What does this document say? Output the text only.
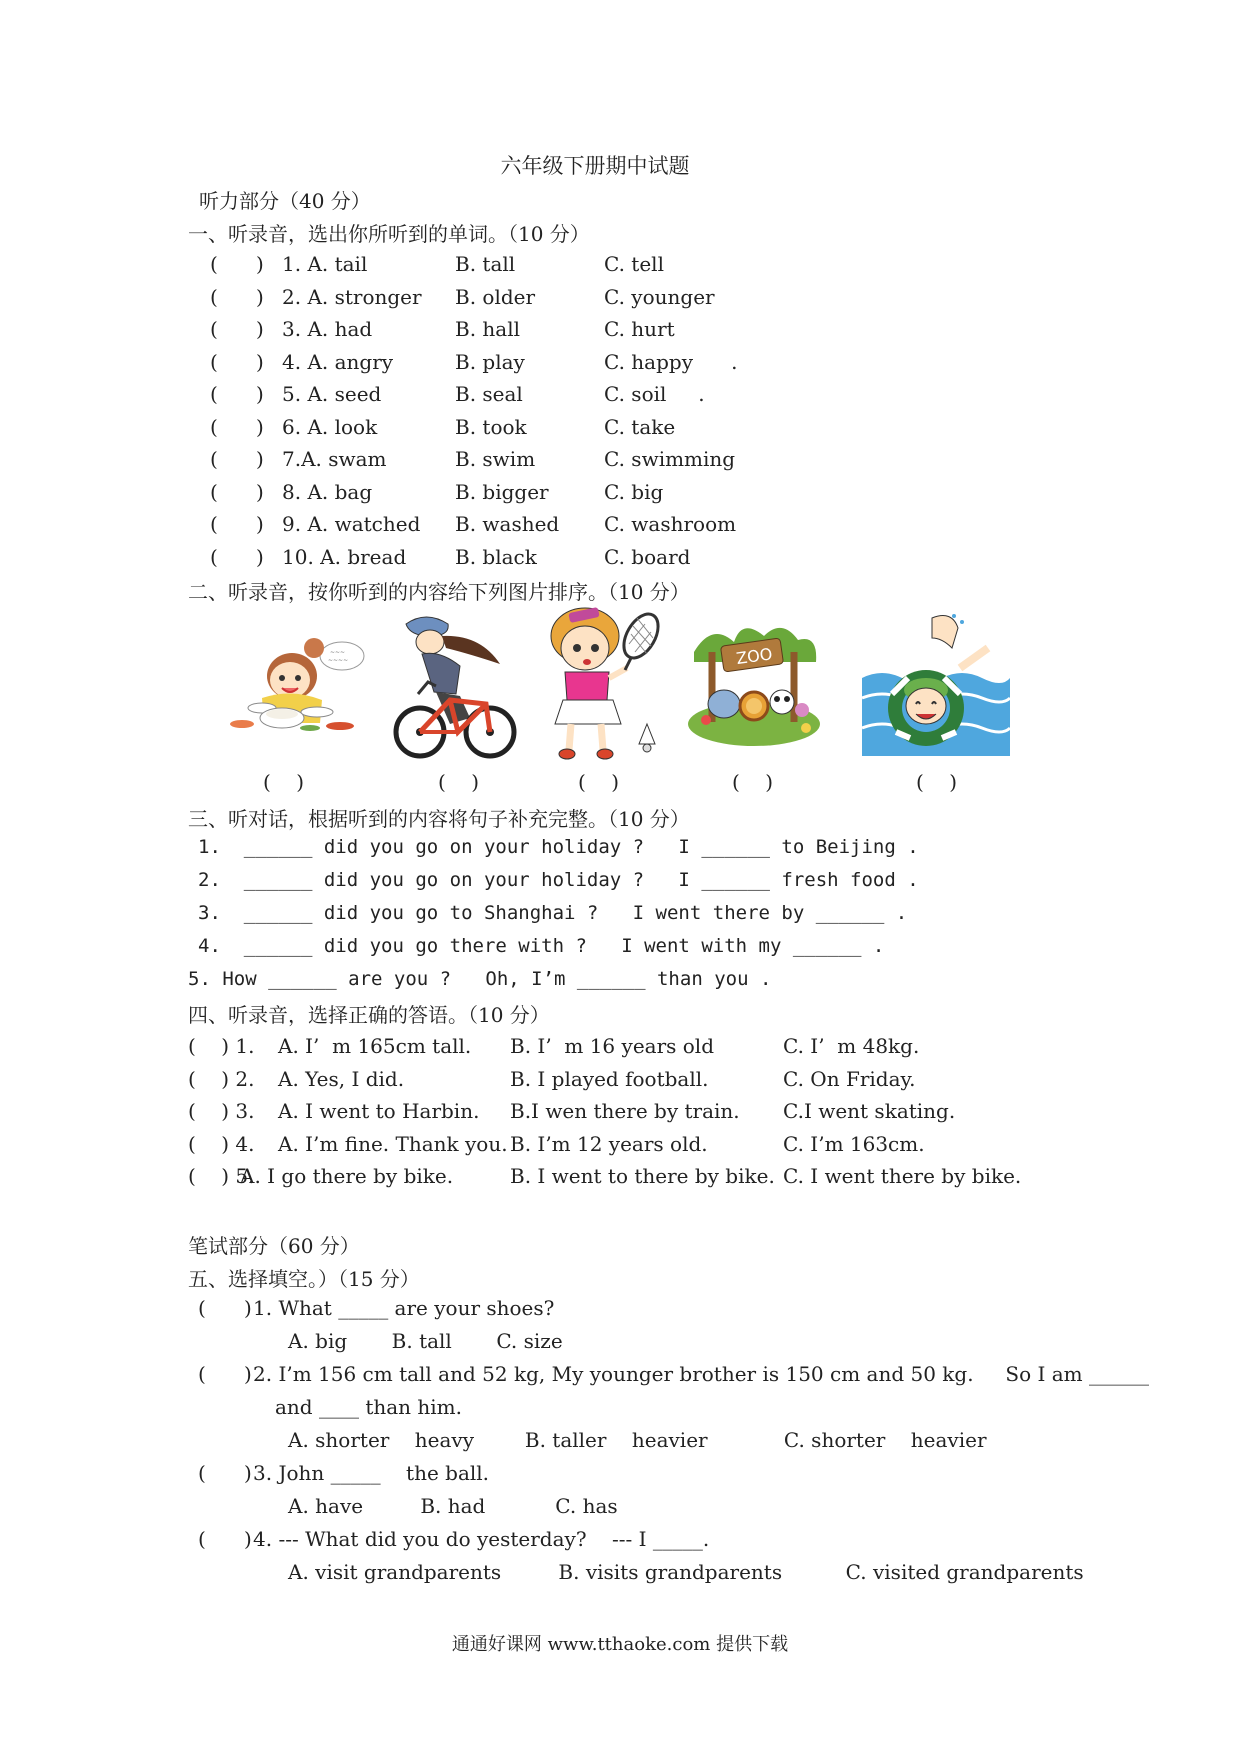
六年级下册期中试题
听力部分（40 分）
一、听录音，选出你所听到的单词。（10 分）
(      ) 1. A. tail	B. tall	C. tell
(      ) 2. A. stronger B. older	C. younger
(      ) 3. A. had	B. hall	C. hurt
(      ) 4. A. angry	B. play	C. happy      .
(      ) 5. A. seed	B. seal	C. soil     .
(      ) 6. A. look	B. took	C. take
(      ) 7.A. swam	B. swim	C. swimming
(      ) 8. A. bag	B. bigger	C. big
(      ) 9. A. watched B. washed C. washroom
(      ) 10. A. bread B. black	C. board
二、听录音，按你听到的内容给下列图片排序。（10 分）
~~~
~~~~	ZOO
(    )	(    )	(    )	(    )	(    )
三、听对话，根据听到的内容将句子补充完整。（10 分）
1.  ______ did you go on your holiday ?   I ______ to Beijing .
2.  ______ did you go on your holiday ?   I ______ fresh food .
3.  ______ did you go to Shanghai ?   I went there by ______ .
4.  ______ did you go there with ?   I went with my ______ .
5. How ______ are you ?   Oh, I’m ______ than you .
四、听录音，选择正确的答语。（10 分）
(    ) 1. A. I’  m 165cm tall. B. I’  m 16 years old	C. I’  m 48kg.
(    ) 2. A. Yes, I did.	B. I played football.	C. On Friday.
(    ) 3. A. I went to Harbin. B.I wen there by train. C.I went skating.
(    ) 4. A. I’m fine. Thank you. B. I’m 12 years old.	C. I’m 163cm.
(    ) 5.
A. I go there by bike.	B. I went to there by bike. C. I went there by bike.
笔试部分（60 分）
五、选择填空。）（15 分）
(      ) 1. What _____ are your shoes?
A. big       B. tall       C. size
(      ) 2. I’m 156 cm tall and 52 kg, My younger brother is 150 cm and 50 kg.     So I am ______
and ____ than him.
A. shorter    heavy        B. taller    heavier            C. shorter    heavier
(      ) 3. John _____    the ball.
A. have         B. had           C. has
(      ) 4. --- What did you do yesterday?    --- I _____.
A. visit grandparents         B. visits grandparents          C. visited grandparents
通通好课网 www.tthaoke.com 提供下载
